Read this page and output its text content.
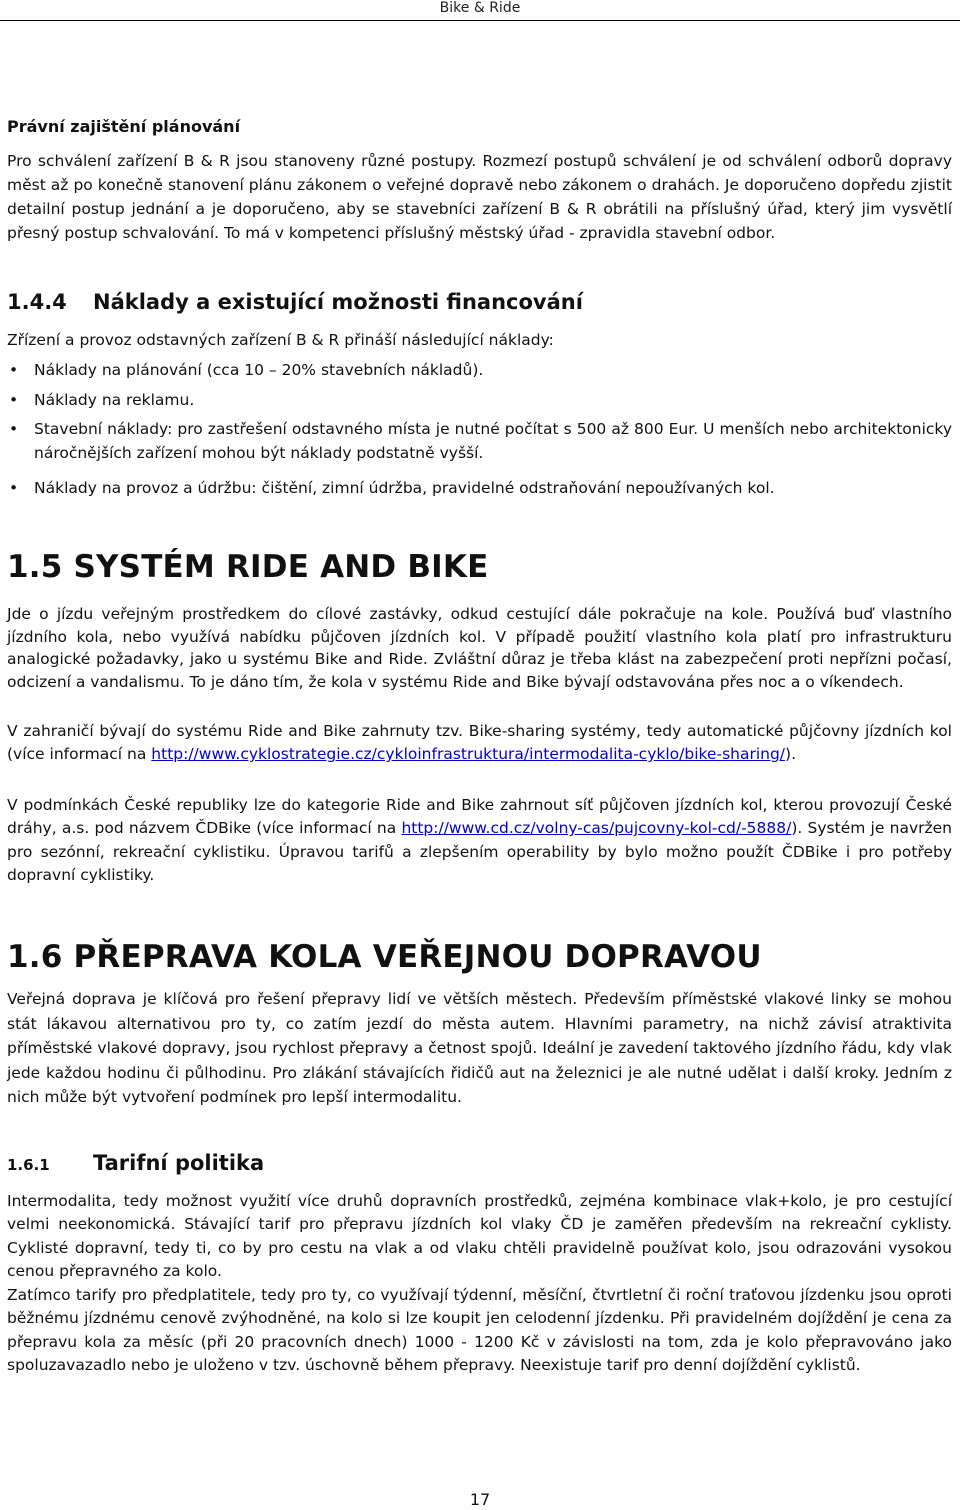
Bike & Ride
Právní zajištění plánování

Pro schválení zařízení B & R jsou stanoveny různé postupy. Rozmezí postupů schválení je od schválení odborů dopravy měst až po konečně stanovení plánu zákonem o veřejné dopravě nebo zákonem o drahách. Je doporučeno dopředu zjistit detailní postup jednání a je doporučeno, aby se stavebníci zařízení B & R obrátili na příslušný úřad, který jim vysvětlí přesný postup schvalování. To má v kompetenci příslušný městský úřad - zpravidla stavební odbor.

1.4.4 Náklady a existující možnosti financování

Zřízení a provoz odstavných zařízení B & R přináší následující náklady:

• Náklady na plánování (cca 10 – 20% stavebních nákladů).
• Náklady na reklamu.
• Stavební náklady: pro zastřešení odstavného místa je nutné počítat s 500 až 800 Eur. U menších nebo architektonicky náročnějších zařízení mohou být náklady podstatně vyšší.
• Náklady na provoz a údržbu: čištění, zimní údržba, pravidelné odstraňování nepoužívaných kol.
1.5 SYSTÉM RIDE AND BIKE

Jde o jízdu veřejným prostředkem do cílové zastávky, odkud cestující dále pokračuje na kole. Používá buď vlastního jízdního kola, nebo využívá nabídku půjčoven jízdních kol. V případě použití vlastního kola platí pro infrastrukturu analogické požadavky, jako u systému Bike and Ride. Zvláštní důraz je třeba klást na zabezpečení proti nepřízni počasí, odcizení a vandalismu. To je dáno tím, že kola v systému Ride and Bike bývají odstavována přes noc a o víkendech.

V zahraničí bývají do systému Ride and Bike zahrnuty tzv. Bike-sharing systémy, tedy automatické půjčovny jízdních kol (více informací na http://www.cyklostrategie.cz/cykloinfrastruktura/intermodalita-cyklo/bike-sharing/).

V podmínkách České republiky lze do kategorie Ride and Bike zahrnout síť půjčoven jízdních kol, kterou provozují České dráhy, a.s. pod názvem ČDBike (více informací na http://www.cd.cz/volny-cas/pujcovny-kol-cd/-5888/). Systém je navržen pro sezónní, rekreační cyklistiku. Úpravou tarifů a zlepšením operability by bylo možno použít ČDBike i pro potřeby dopravní cyklistiky.

1.6 PŘEPRAVA KOLA VEŘEJNOU DOPRAVOU

Veřejná doprava je klíčová pro řešení přepravy lidí ve větších městech. Především příměstské vlakové linky se mohou stát lákavou alternativou pro ty, co zatím jezdí do města autem. Hlavními parametry, na nichž závisí atraktivita příměstské vlakové dopravy, jsou rychlost přepravy a četnost spojů. Ideální je zavedení taktového jízdního řádu, kdy vlak jede každou hodinu či půlhodinu. Pro zlákání stávajících řidičů aut na železnici je ale nutné udělat i další kroky. Jedním z nich může být vytvoření podmínek pro lepší intermodalitu.

1.6.1 Tarifní politika

Intermodalita, tedy možnost využití více druhů dopravních prostředků, zejména kombinace vlak+kolo, je pro cestující velmi neekonomická. Stávající tarif pro přepravu jízdních kol vlaky ČD je zaměřen především na rekreační cyklisty. Cyklisté dopravní, tedy ti, co by pro cestu na vlak a od vlaku chtěli pravidelně používat kolo, jsou odrazováni vysokou cenou přepravného za kolo.

Zatímco tarify pro předplatitele, tedy pro ty, co využívají týdenní, měsíční, čtvrtletní či roční traťovou jízdenku jsou oproti běžnému jízdnému cenově zvýhodněné, na kolo si lze koupit jen celodenní jízdenku. Při pravidelném dojíždění je cena za přepravu kola za měsíc (při 20 pracovních dnech) 1000 - 1200 Kč v závislosti na tom, zda je kolo přepravováno jako spoluzavazadlo nebo je uloženo v tzv. úschovně během přepravy. Neexistuje tarif pro denní dojíždění cyklistů.

17
